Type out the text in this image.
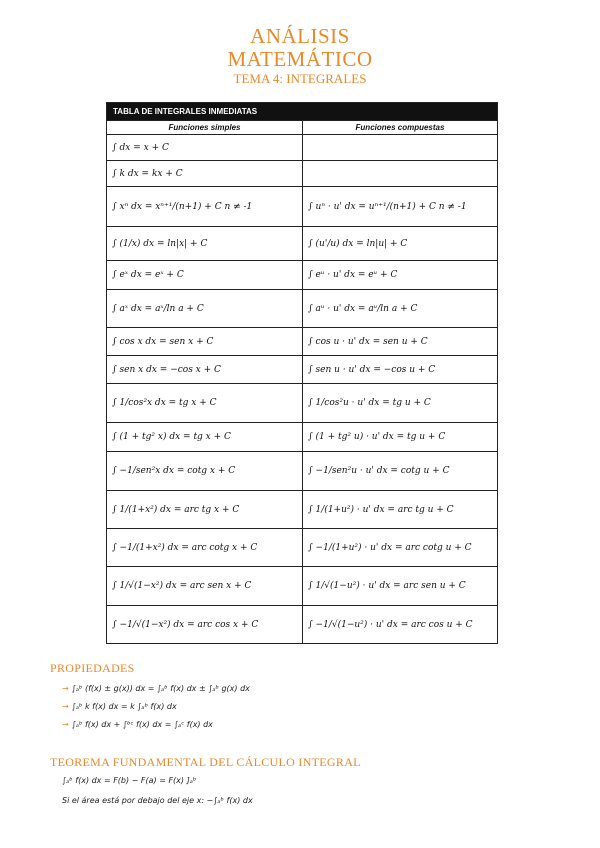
ANÁLISIS
MATEMÁTICO
TEMA 4: INTEGRALES
TABLA DE INTEGRALES INMEDIATAS
Funciones simples	Funciones compuestas
∫ dx = x + C
∫ k dx = kx + C
∫ xⁿ dx = xⁿ⁺¹/(n+1) + C n ≠ -1	∫ uⁿ · u' dx = uⁿ⁺¹/(n+1) + C n ≠ -1
∫ (1/x) dx = ln|x| + C	∫ (u'/u) dx = ln|u| + C
∫ eˣ dx = eˣ + C	∫ eᵘ · u' dx = eᵘ + C
∫ aˣ dx = aˣ/ln a + C	∫ aᵘ · u' dx = aᵘ/ln a + C
∫ cos x dx = sen x + C	∫ cos u · u' dx = sen u + C
∫ sen x dx = −cos x + C	∫ sen u · u' dx = −cos u + C
∫ 1/cos²x dx = tg x + C	∫ 1/cos²u · u' dx = tg u + C
∫ (1 + tg² x) dx = tg x + C	∫ (1 + tg² u) · u' dx = tg u + C
∫ −1/sen²x dx = cotg x + C	∫ −1/sen²u · u' dx = cotg u + C
∫ 1/(1+x²) dx = arc tg x + C	∫ 1/(1+u²) · u' dx = arc tg u + C
∫ −1/(1+x²) dx = arc cotg x + C	∫ −1/(1+u²) · u' dx = arc cotg u + C
∫ 1/√(1−x²) dx = arc sen x + C	∫ 1/√(1−u²) · u' dx = arc sen u + C
∫ −1/√(1−x²) dx = arc cos x + C	∫ −1/√(1−u²) · u' dx = arc cos u + C
PROPIEDADES
→ ∫ₐᵇ (f(x) ± g(x)) dx = ∫ₐᵇ f(x) dx ± ∫ₐᵇ g(x) dx
→ ∫ₐᵇ k f(x) dx = k ∫ₐᵇ f(x) dx
→ ∫ₐᵇ f(x) dx + ∫ᵇᶜ f(x) dx = ∫ₐᶜ f(x) dx
TEOREMA FUNDAMENTAL DEL CÁLCULO INTEGRAL
∫ₐᵇ f(x) dx = F(b) − F(a) = F(x) ]ₐᵇ
Si el área está por debajo del eje x: −∫ₐᵇ f(x) dx
